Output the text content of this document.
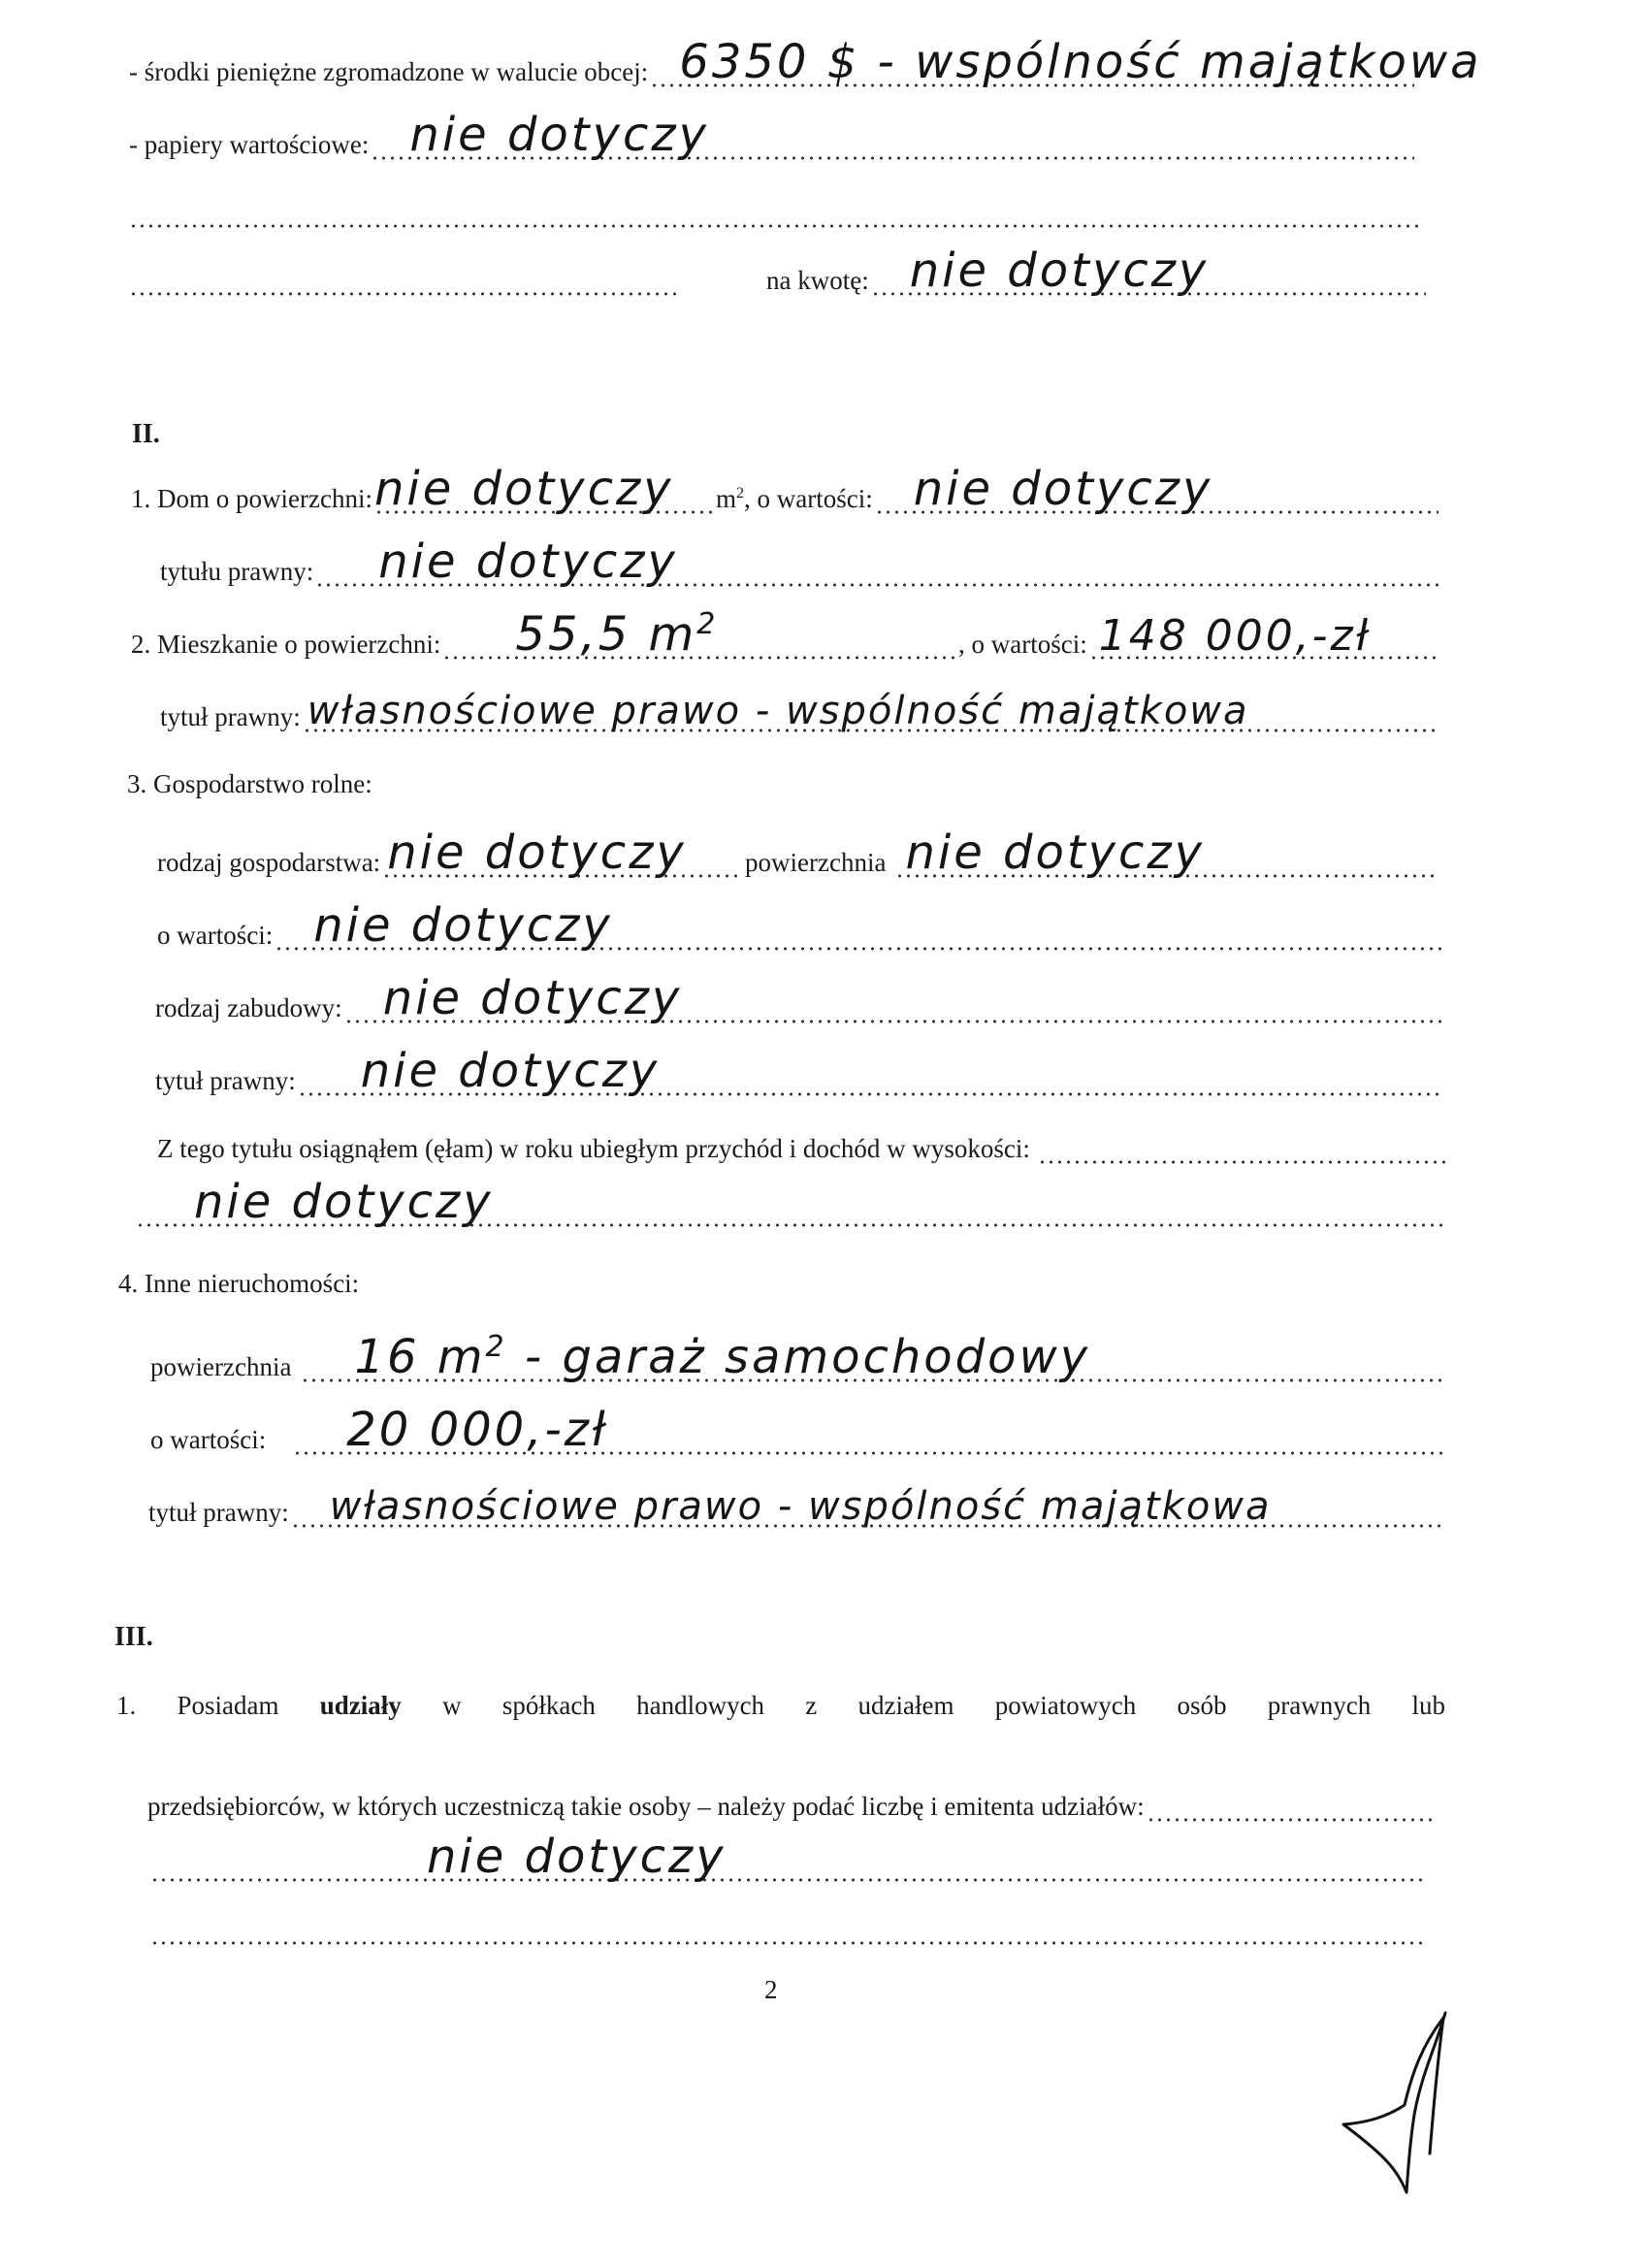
- środki pieniężne zgromadzone w walucie obcej: 6350 $ - wspólność majątkowa
- papiery wartościowe: nie dotyczy
na kwotę: nie dotyczy
II.
1. Dom o powierzchni: nie dotyczy $m^2$, o wartości: nie dotyczy
tytułu prawny: nie dotyczy
2. Mieszkanie o powierzchni: 55,5 $m^2$
, o wartości: 148 000,-zł
tytuł prawny: własnościowe prawo - wspólność majątkowa
3. Gospodarstwo rolne:
rodzaj gospodarstwa: nie dotyczy powierzchnia nie dotyczy
o wartości: nie dotyczy
rodzaj zabudowy: nie dotyczy
tytuł prawny: nie dotyczy
Z tego tytułu osiągnąłem (ęłam) w roku ubiegłym przychód i dochód w wysokości:
nie dotyczy
4. Inne nieruchomości:
powierzchnia 16 $m^2$ - garaż samochodowy
o wartości: 20 000,-zł
tytuł prawny: własnościowe prawo - wspólność majątkowa
III.
1. Posiadam udziały w spółkach handlowych z udziałem powiatowych osób prawnych lub
przedsiębiorców, w których uczestniczą takie osoby – należy podać liczbę i emitenta udziałów:
nie dotyczy
2
